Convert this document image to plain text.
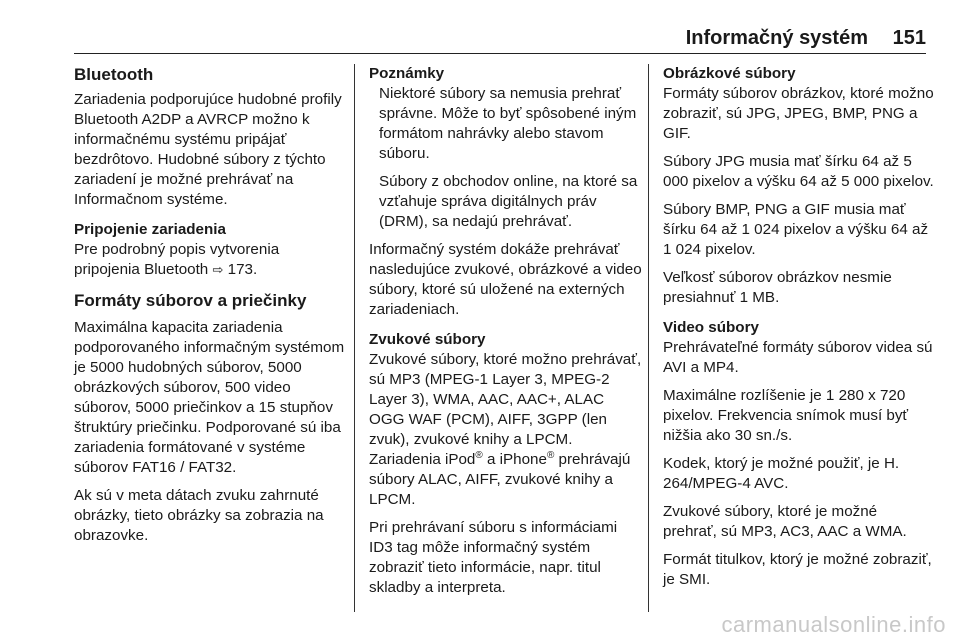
Informačný systém 151
Bluetooth

Zariadenia podporujúce hudobné profily Bluetooth A2DP a AVRCP možno k informačnému systému pripájať bezdrôtovo. Hudobné súbory z týchto zariadení je možné prehrávať na Informačnom systéme.

Pripojenie zariadenia

Pre podrobný popis vytvorenia pripojenia Bluetooth ⇨ 173.

Formáty súborov a priečinky

Maximálna kapacita zariadenia podporovaného informačným systémom je 5000 hudobných súborov, 5000 obrázkových súborov, 500 video súborov, 5000 priečinkov a 15 stupňov štruktúry priečinku. Podporované sú iba zariadenia formátované v systéme súborov FAT16 / FAT32.

Ak sú v meta dátach zvuku zahrnuté obrázky, tieto obrázky sa zobrazia na obrazovke.

Poznámky

Niektoré súbory sa nemusia prehrať správne. Môže to byť spôsobené iným formátom nahrávky alebo stavom súboru.

Súbory z obchodov online, na ktoré sa vzťahuje správa digitálnych práv (DRM), sa nedajú prehrávať.

Informačný systém dokáže prehrávať nasledujúce zvukové, obrázkové a video súbory, ktoré sú uložené na externých zariadeniach.

Zvukové súbory

Zvukové súbory, ktoré možno prehrávať, sú MP3 (MPEG-1 Layer 3, MPEG-2 Layer 3), WMA, AAC, AAC+, ALAC OGG WAF (PCM), AIFF, 3GPP (len zvuk), zvukové knihy a LPCM. Zariadenia iPod® a iPhone® prehrávajú súbory ALAC, AIFF, zvukové knihy a LPCM.

Pri prehrávaní súboru s informáciami ID3 tag môže informačný systém zobraziť tieto informácie, napr. titul skladby a interpreta.

Obrázkové súbory

Formáty súborov obrázkov, ktoré možno zobraziť, sú JPG, JPEG, BMP, PNG a GIF.

Súbory JPG musia mať šírku 64 až 5 000 pixelov a výšku 64 až 5 000 pixelov.

Súbory BMP, PNG a GIF musia mať šírku 64 až 1 024 pixelov a výšku 64 až 1 024 pixelov.

Veľkosť súborov obrázkov nesmie presiahnuť 1 MB.

Video súbory

Prehrávateľné formáty súborov videa sú AVI a MP4.

Maximálne rozlíšenie je 1 280 x 720 pixelov. Frekvencia snímok musí byť nižšia ako 30 sn./s.

Kodek, ktorý je možné použiť, je H. 264/MPEG-4 AVC.

Zvukové súbory, ktoré je možné prehrať, sú MP3, AC3, AAC a WMA.

Formát titulkov, ktorý je možné zobraziť, je SMI.

carmanualsonline.info
